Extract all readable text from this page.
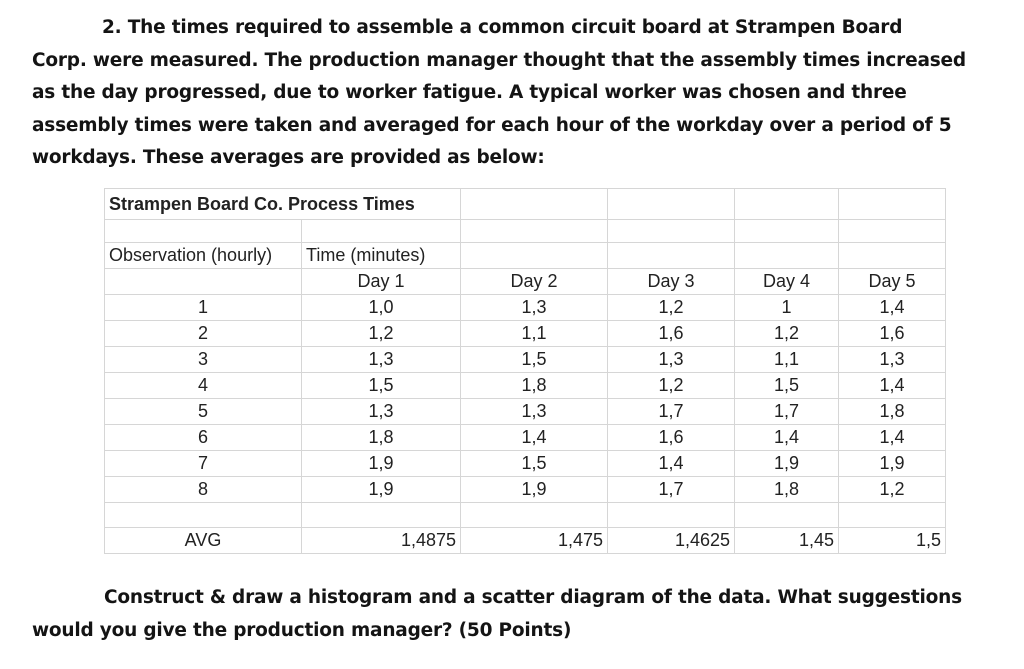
2. The times required to assemble a common circuit board at Strampen Board
Corp. were measured. The production manager thought that the assembly times increased
as the day progressed, due to worker fatigue. A typical worker was chosen and three
assembly times were taken and averaged for each hour of the workday over a period of 5
workdays. These averages are provided as below:
Strampen Board Co. Process Times					

Observation (hourly)	Time (minutes)				
	Day 1	Day 2	Day 3	Day 4	Day 5
1	1,0	1,3	1,2	1	1,4
2	1,2	1,1	1,6	1,2	1,6
3	1,3	1,5	1,3	1,1	1,3
4	1,5	1,8	1,2	1,5	1,4
5	1,3	1,3	1,7	1,7	1,8
6	1,8	1,4	1,6	1,4	1,4
7	1,9	1,5	1,4	1,9	1,9
8	1,9	1,9	1,7	1,8	1,2

AVG	1,4875	1,475	1,4625	1,45	1,5
Construct & draw a histogram and a scatter diagram of the data. What suggestions
would you give the production manager? (50 Points)
